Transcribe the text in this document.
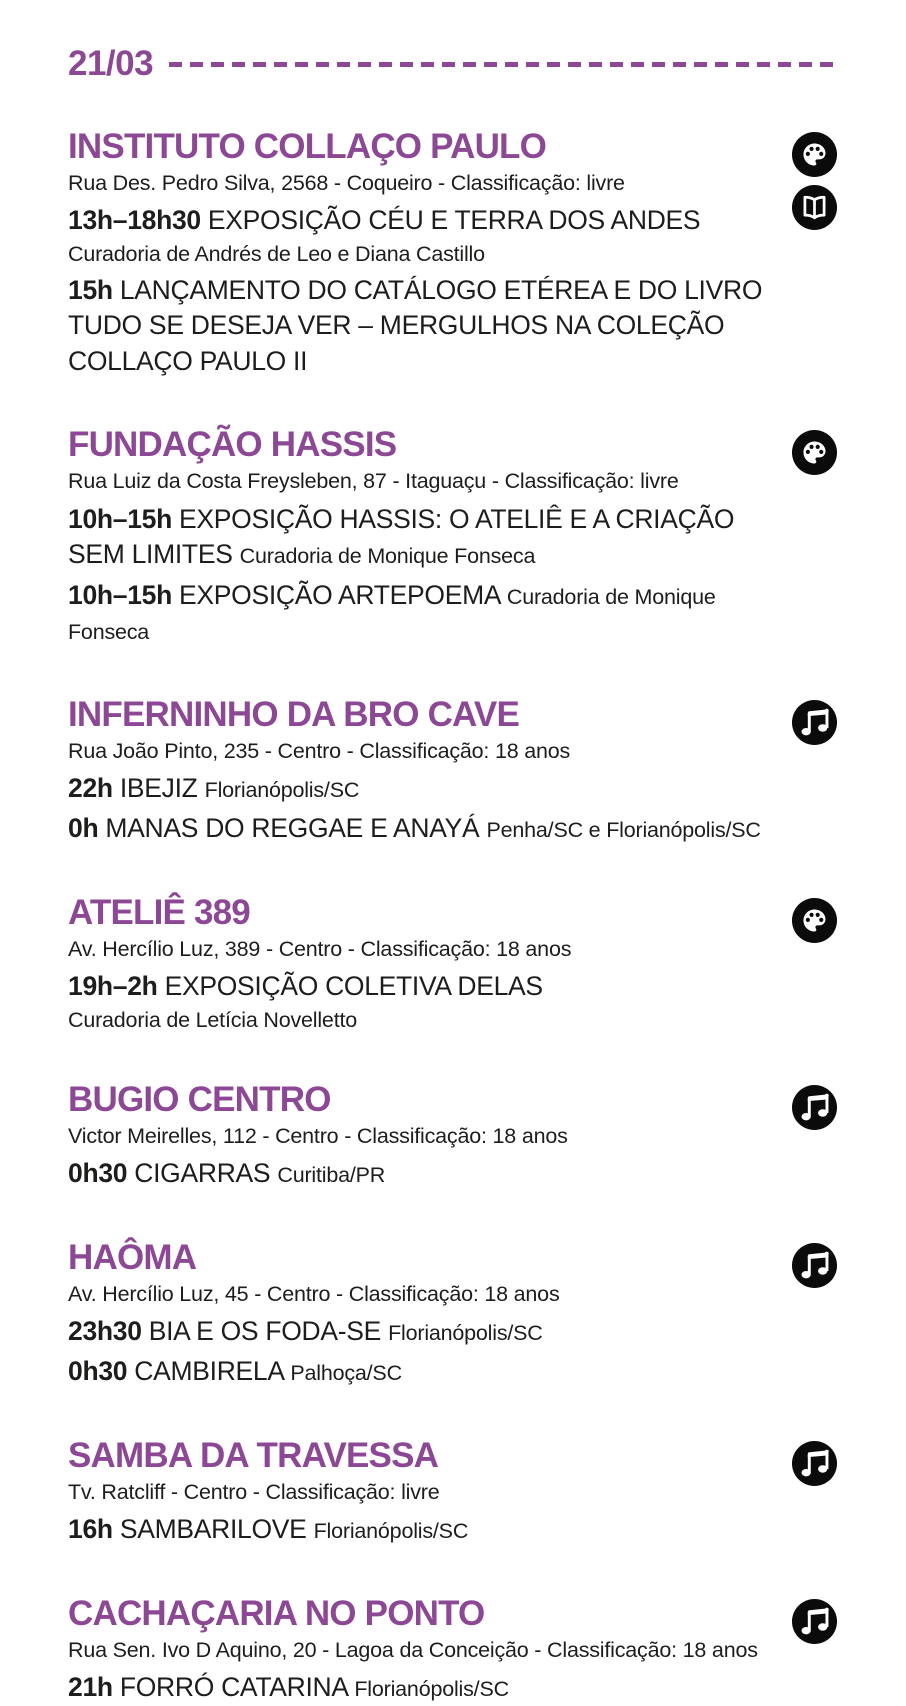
21/03
INSTITUTO COLLAÇO PAULO

Rua Des. Pedro Silva, 2568 - Coqueiro - Classificação: livre

13h–18h30 EXPOSIÇÃO CÉU E TERRA DOS ANDES

Curadoria de Andrés de Leo e Diana Castillo

15h LANÇAMENTO DO CATÁLOGO ETÉREA E DO LIVRO TUDO SE DESEJA VER – MERGULHOS NA COLEÇÃO COLLAÇO PAULO II

FUNDAÇÃO HASSIS

Rua Luiz da Costa Freysleben, 87 - Itaguaçu - Classificação: livre

10h–15h EXPOSIÇÃO HASSIS: O ATELIÊ E A CRIAÇÃO SEM LIMITES Curadoria de Monique Fonseca

10h–15h EXPOSIÇÃO ARTEPOEMA Curadoria de Monique Fonseca

INFERNINHO DA BRO CAVE

Rua João Pinto, 235 - Centro - Classificação: 18 anos

22h IBEJIZ Florianópolis/SC

0h MANAS DO REGGAE E ANAYÁ Penha/SC e Florianópolis/SC

ATELIÊ 389

Av. Hercílio Luz, 389 - Centro - Classificação: 18 anos

19h–2h EXPOSIÇÃO COLETIVA DELAS

Curadoria de Letícia Novelletto

BUGIO CENTRO

Victor Meirelles, 112 - Centro - Classificação: 18 anos

0h30 CIGARRAS Curitiba/PR

HAÔMA

Av. Hercílio Luz, 45 - Centro - Classificação: 18 anos

23h30 BIA E OS FODA-SE Florianópolis/SC

0h30 CAMBIRELA Palhoça/SC

SAMBA DA TRAVESSA

Tv. Ratcliff - Centro - Classificação: livre

16h SAMBARILOVE Florianópolis/SC

CACHAÇARIA NO PONTO

Rua Sen. Ivo D Aquino, 20 - Lagoa da Conceição - Classificação: 18 anos

21h FORRÓ CATARINA Florianópolis/SC
